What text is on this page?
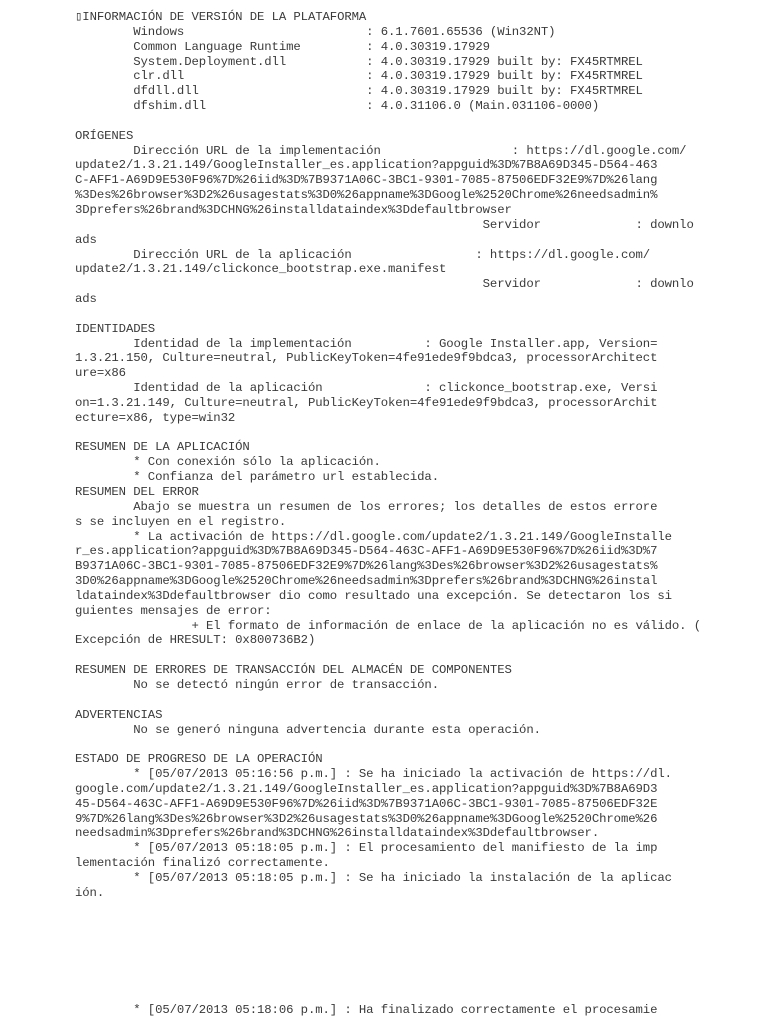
▯INFORMACIÓN DE VERSIÓN DE LA PLATAFORMA
Windows                         : 6.1.7601.65536 (Win32NT)
Common Language Runtime         : 4.0.30319.17929
System.Deployment.dll           : 4.0.30319.17929 built by: FX45RTMREL
clr.dll                         : 4.0.30319.17929 built by: FX45RTMREL
dfdll.dll                       : 4.0.30319.17929 built by: FX45RTMREL
dfshim.dll                      : 4.0.31106.0 (Main.031106-0000)
ORÍGENES
Dirección URL de la implementación                  : https://dl.google.com/
update2/1.3.21.149/GoogleInstaller_es.application?appguid%3D%7B8A69D345-D564-463
C-AFF1-A69D9E530F96%7D%26iid%3D%7B9371A06C-3BC1-9301-7085-87506EDF32E9%7D%26lang
%3Des%26browser%3D2%26usagestats%3D0%26appname%3DGoogle%2520Chrome%26needsadmin%
3Dprefers%26brand%3DCHNG%26installdataindex%3Ddefaultbrowser
Servidor             : downlo
ads
Dirección URL de la aplicación                 : https://dl.google.com/
update2/1.3.21.149/clickonce_bootstrap.exe.manifest
Servidor             : downlo
ads
IDENTIDADES
Identidad de la implementación          : Google Installer.app, Version=
1.3.21.150, Culture=neutral, PublicKeyToken=4fe91ede9f9bdca3, processorArchitect
ure=x86
Identidad de la aplicación              : clickonce_bootstrap.exe, Versi
on=1.3.21.149, Culture=neutral, PublicKeyToken=4fe91ede9f9bdca3, processorArchit
ecture=x86, type=win32
RESUMEN DE LA APLICACIÓN
* Con conexión sólo la aplicación.
* Confianza del parámetro url establecida.
RESUMEN DEL ERROR
Abajo se muestra un resumen de los errores; los detalles de estos errore
s se incluyen en el registro.
* La activación de https://dl.google.com/update2/1.3.21.149/GoogleInstalle
r_es.application?appguid%3D%7B8A69D345-D564-463C-AFF1-A69D9E530F96%7D%26iid%3D%7
B9371A06C-3BC1-9301-7085-87506EDF32E9%7D%26lang%3Des%26browser%3D2%26usagestats%
3D0%26appname%3DGoogle%2520Chrome%26needsadmin%3Dprefers%26brand%3DCHNG%26instal
ldataindex%3Ddefaultbrowser dio como resultado una excepción. Se detectaron los si
guientes mensajes de error:
+ El formato de información de enlace de la aplicación no es válido. (
Excepción de HRESULT: 0x800736B2)
RESUMEN DE ERRORES DE TRANSACCIÓN DEL ALMACÉN DE COMPONENTES
No se detectó ningún error de transacción.
ADVERTENCIAS
No se generó ninguna advertencia durante esta operación.
ESTADO DE PROGRESO DE LA OPERACIÓN
* [05/07/2013 05:16:56 p.m.] : Se ha iniciado la activación de https://dl.
google.com/update2/1.3.21.149/GoogleInstaller_es.application?appguid%3D%7B8A69D3
45-D564-463C-AFF1-A69D9E530F96%7D%26iid%3D%7B9371A06C-3BC1-9301-7085-87506EDF32E
9%7D%26lang%3Des%26browser%3D2%26usagestats%3D0%26appname%3DGoogle%2520Chrome%26
needsadmin%3Dprefers%26brand%3DCHNG%26installdataindex%3Ddefaultbrowser.
* [05/07/2013 05:18:05 p.m.] : El procesamiento del manifiesto de la imp
lementación finalizó correctamente.
* [05/07/2013 05:18:05 p.m.] : Se ha iniciado la instalación de la aplicac
ión.
* [05/07/2013 05:18:06 p.m.] : Ha finalizado correctamente el procesamie
